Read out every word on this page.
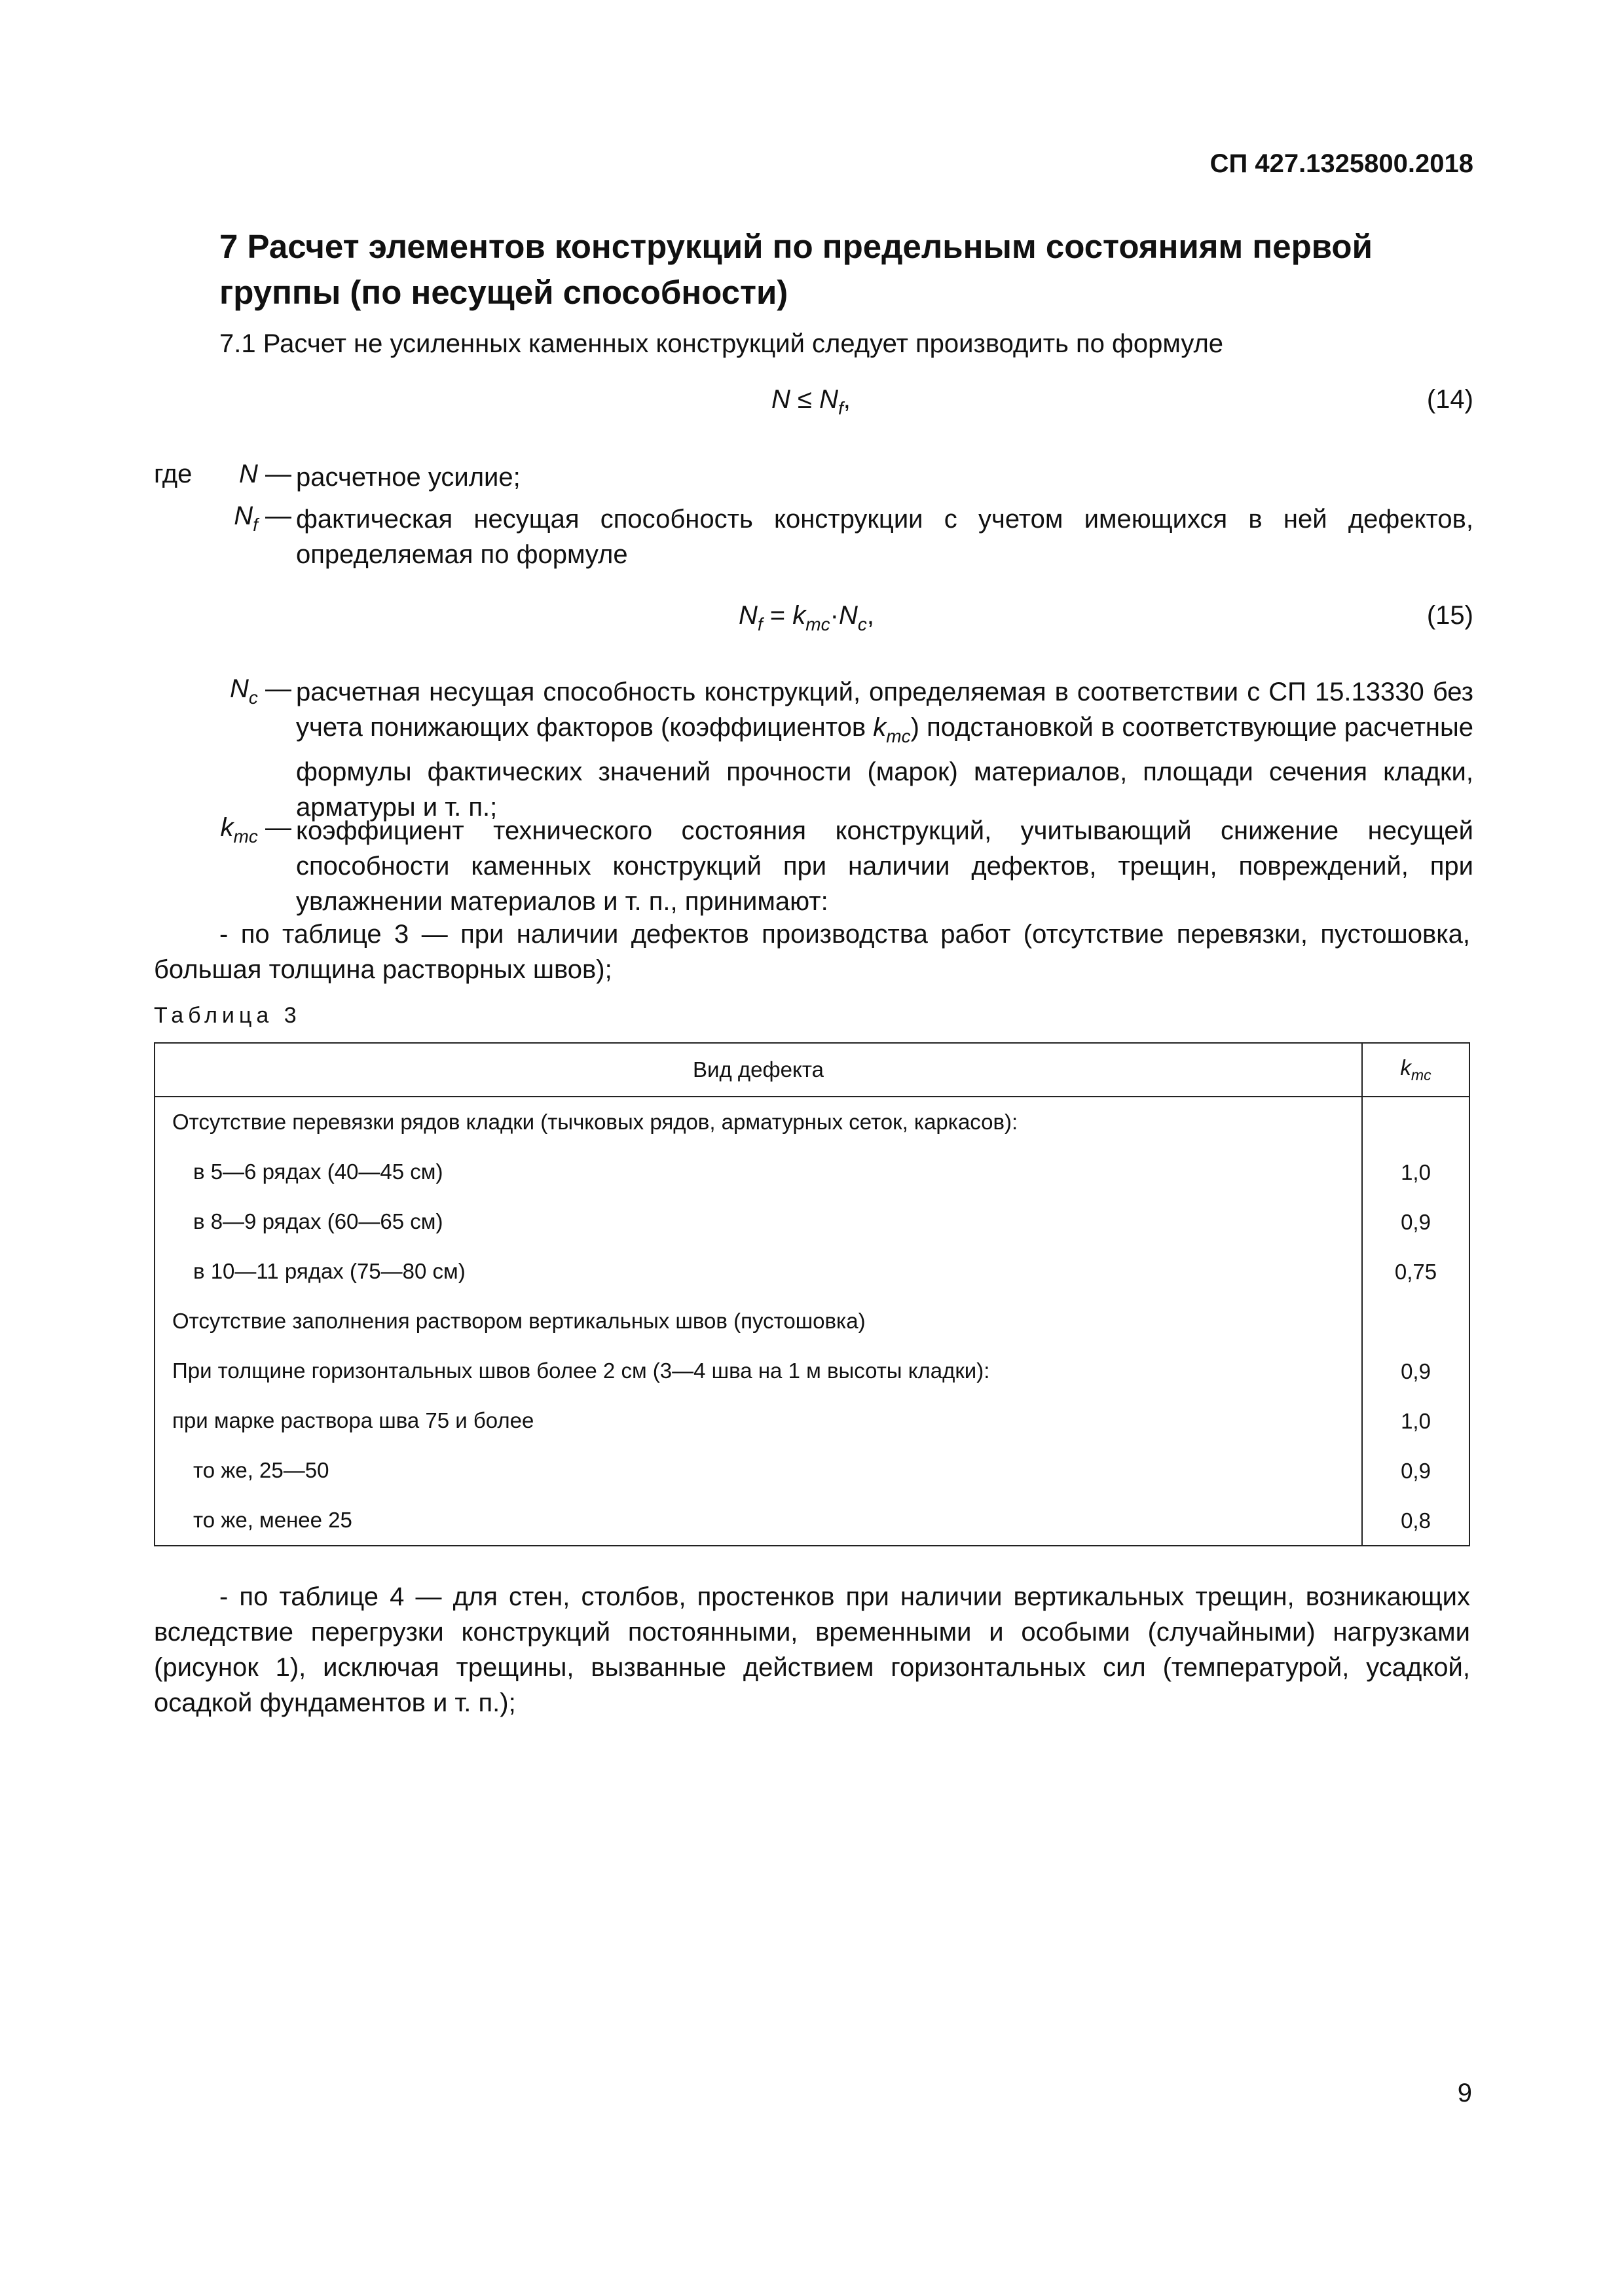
СП 427.1325800.2018
7 Расчет элементов конструкций по предельным состояниям первой группы (по несущей способности)
7.1 Расчет не усиленных каменных конструкций следует производить по формуле
$N \le N_f$,	(14)
где	N — расчетное усилие;
$N_f$ — фактическая несущая способность конструкции с учетом имеющихся в ней дефектов, определяемая по формуле
$N_f = k_{mc}\cdot N_c$,	(15)
$N_c$ — расчетная несущая способность конструкций, определяемая в соответствии с СП 15.13330 без учета понижающих факторов (коэффициентов $k_{mc}$) подстановкой в соответствующие расчетные формулы фактических значений прочности (марок) материалов, площади сечения кладки, арматуры и т. п.;
$k_{mc}$ — коэффициент технического состояния конструкций, учитывающий снижение несущей способности каменных конструкций при наличии дефектов, трещин, повреждений, при увлажнении материалов и т. п., принимают:
- по таблице 3 — при наличии дефектов производства работ (отсутствие перевязки, пустошовка, большая толщина растворных швов);
Таблица 3
Вид дефекта	$k_{mc}$
Отсутствие перевязки рядов кладки (тычковых рядов, арматурных сеток, каркасов):	
в 5—6 рядах (40—45 см)	1,0
в 8—9 рядах (60—65 см)	0,9
в 10—11 рядах (75—80 см)	0,75
Отсутствие заполнения раствором вертикальных швов (пустошовка)	
При толщине горизонтальных швов более 2 см (3—4 шва на 1 м высоты кладки):	0,9
при марке раствора шва 75 и более	1,0
то же, 25—50	0,9
то же, менее 25	0,8
- по таблице 4 — для стен, столбов, простенков при наличии вертикальных трещин, возникающих вследствие перегрузки конструкций постоянными, временными и особыми (случайными) нагрузками (рисунок 1), исключая трещины, вызванные действием горизонтальных сил (температурой, усадкой, осадкой фундаментов и т. п.);
9
